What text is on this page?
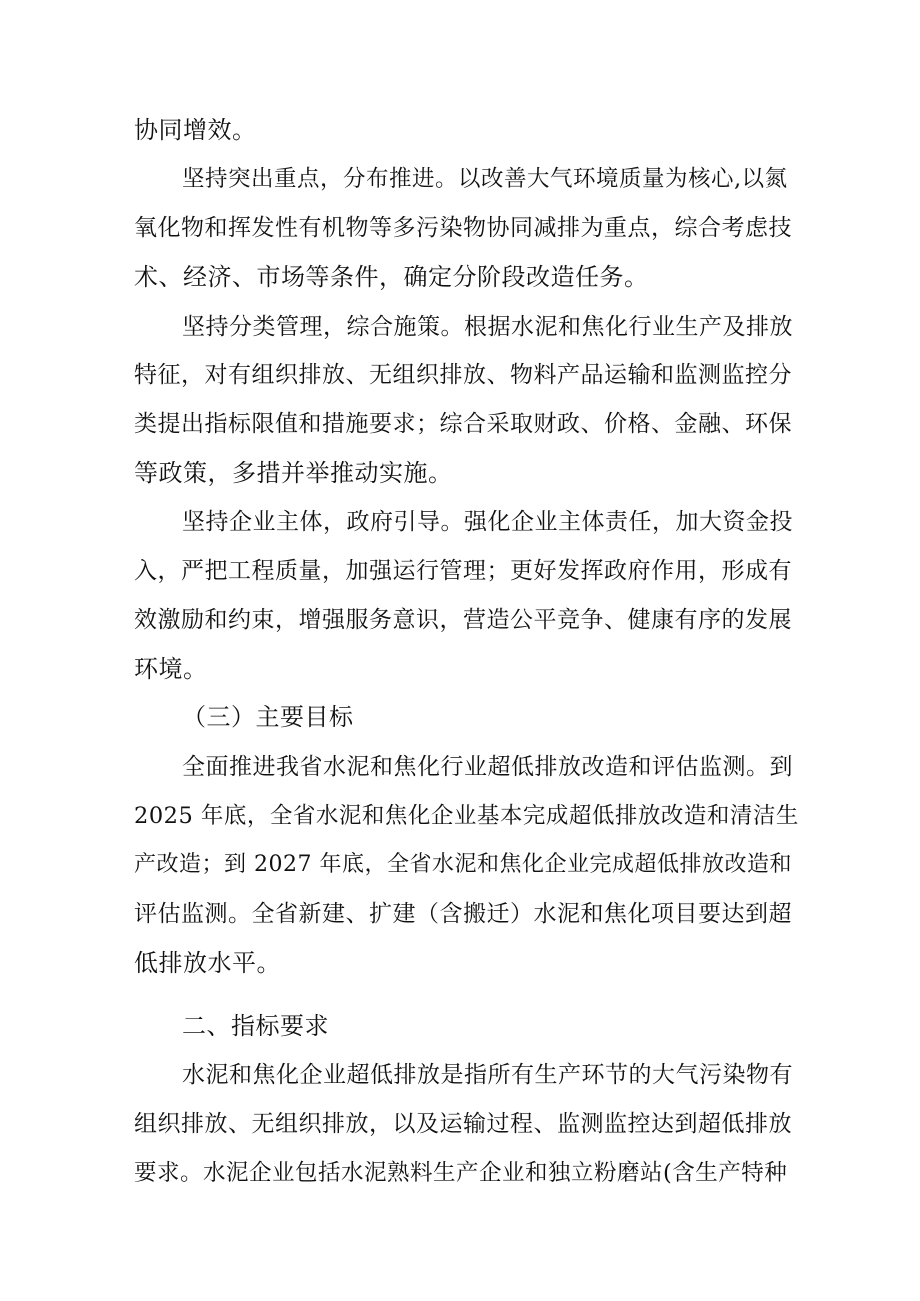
协同增效。
坚持突出重点，分布推进。以改善大气环境质量为核心,以氮
氧化物和挥发性有机物等多污染物协同减排为重点，综合考虑技
术、经济、市场等条件，确定分阶段改造任务。
坚持分类管理，综合施策。根据水泥和焦化行业生产及排放
特征，对有组织排放、无组织排放、物料产品运输和监测监控分
类提出指标限值和措施要求；综合采取财政、价格、金融、环保
等政策，多措并举推动实施。
坚持企业主体，政府引导。强化企业主体责任，加大资金投
入，严把工程质量，加强运行管理；更好发挥政府作用，形成有
效激励和约束，增强服务意识，营造公平竞争、健康有序的发展
环境。
（三）主要目标
全面推进我省水泥和焦化行业超低排放改造和评估监测。到
2025 年底，全省水泥和焦化企业基本完成超低排放改造和清洁生
产改造；到 2027 年底，全省水泥和焦化企业完成超低排放改造和
评估监测。全省新建、扩建（含搬迁）水泥和焦化项目要达到超
低排放水平。
二、指标要求
水泥和焦化企业超低排放是指所有生产环节的大气污染物有
组织排放、无组织排放，以及运输过程、监测监控达到超低排放
要求。水泥企业包括水泥熟料生产企业和独立粉磨站(含生产特种
